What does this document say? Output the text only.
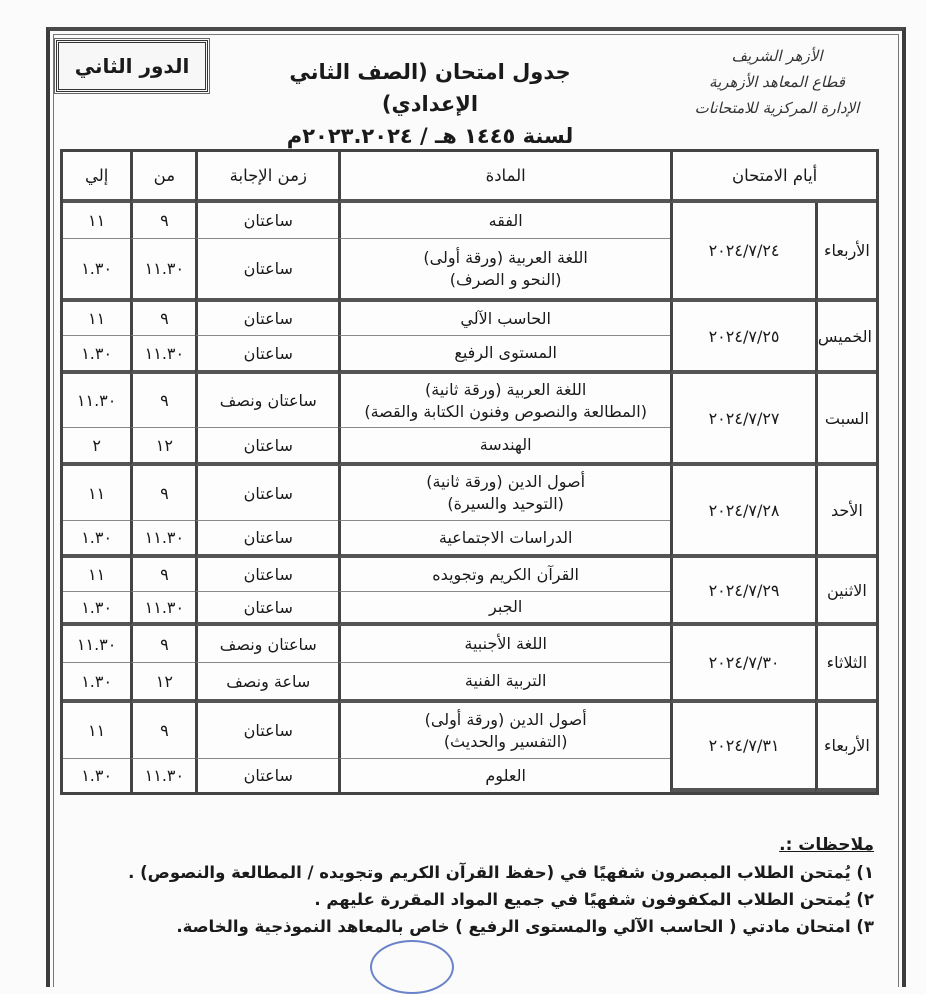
الدور الثاني	جدول امتحان (الصف الثاني الإعدادي)
لسنة ١٤٤٥ هـ / ٢٠٢٣.٢٠٢٤م
الأزهر الشريف
قطاع المعاهد الأزهرية
الإدارة المركزية للامتحانات
أيام الامتحان		المادة	زمن الإجابة	من	إلي
الأربعاء	٢٠٢٤/٧/٢٤	الفقه	ساعتان	٩	١١
		اللغة العربية (ورقة أولى)
(النحو و الصرف)	ساعتان	١١.٣٠	١.٣٠
الخميس	٢٠٢٤/٧/٢٥	الحاسب الآلي	ساعتان	٩	١١
		المستوى الرفيع	ساعتان	١١.٣٠	١.٣٠
السبت	٢٠٢٤/٧/٢٧	اللغة العربية (ورقة ثانية)
(المطالعة والنصوص وفنون الكتابة والقصة)	ساعتان ونصف	٩	١١.٣٠
		الهندسة	ساعتان	١٢	٢
الأحد	٢٠٢٤/٧/٢٨	أصول الدين (ورقة ثانية)
(التوحيد والسيرة)	ساعتان	٩	١١
		الدراسات الاجتماعية	ساعتان	١١.٣٠	١.٣٠
الاثنين	٢٠٢٤/٧/٢٩	القرآن الكريم وتجويده	ساعتان	٩	١١
		الجبر	ساعتان	١١.٣٠	١.٣٠
الثلاثاء	٢٠٢٤/٧/٣٠	اللغة الأجنبية	ساعتان ونصف	٩	١١.٣٠
		التربية الفنية	ساعة ونصف	١٢	١.٣٠
الأربعاء	٢٠٢٤/٧/٣١	أصول الدين (ورقة أولى)
(التفسير والحديث)	ساعتان	٩	١١
		العلوم	ساعتان	١١.٣٠	١.٣٠
ملاحظات :.
١) يُمتحن الطلاب المبصرون شفهيًا في (حفظ القرآن الكريم وتجويده / المطالعة والنصوص) .
٢) يُمتحن الطلاب المكفوفون شفهيًا في جميع المواد المقررة عليهم .
٣) امتحان مادتي ( الحاسب الآلي والمستوى الرفيع ) خاص بالمعاهد النموذجية والخاصة.
